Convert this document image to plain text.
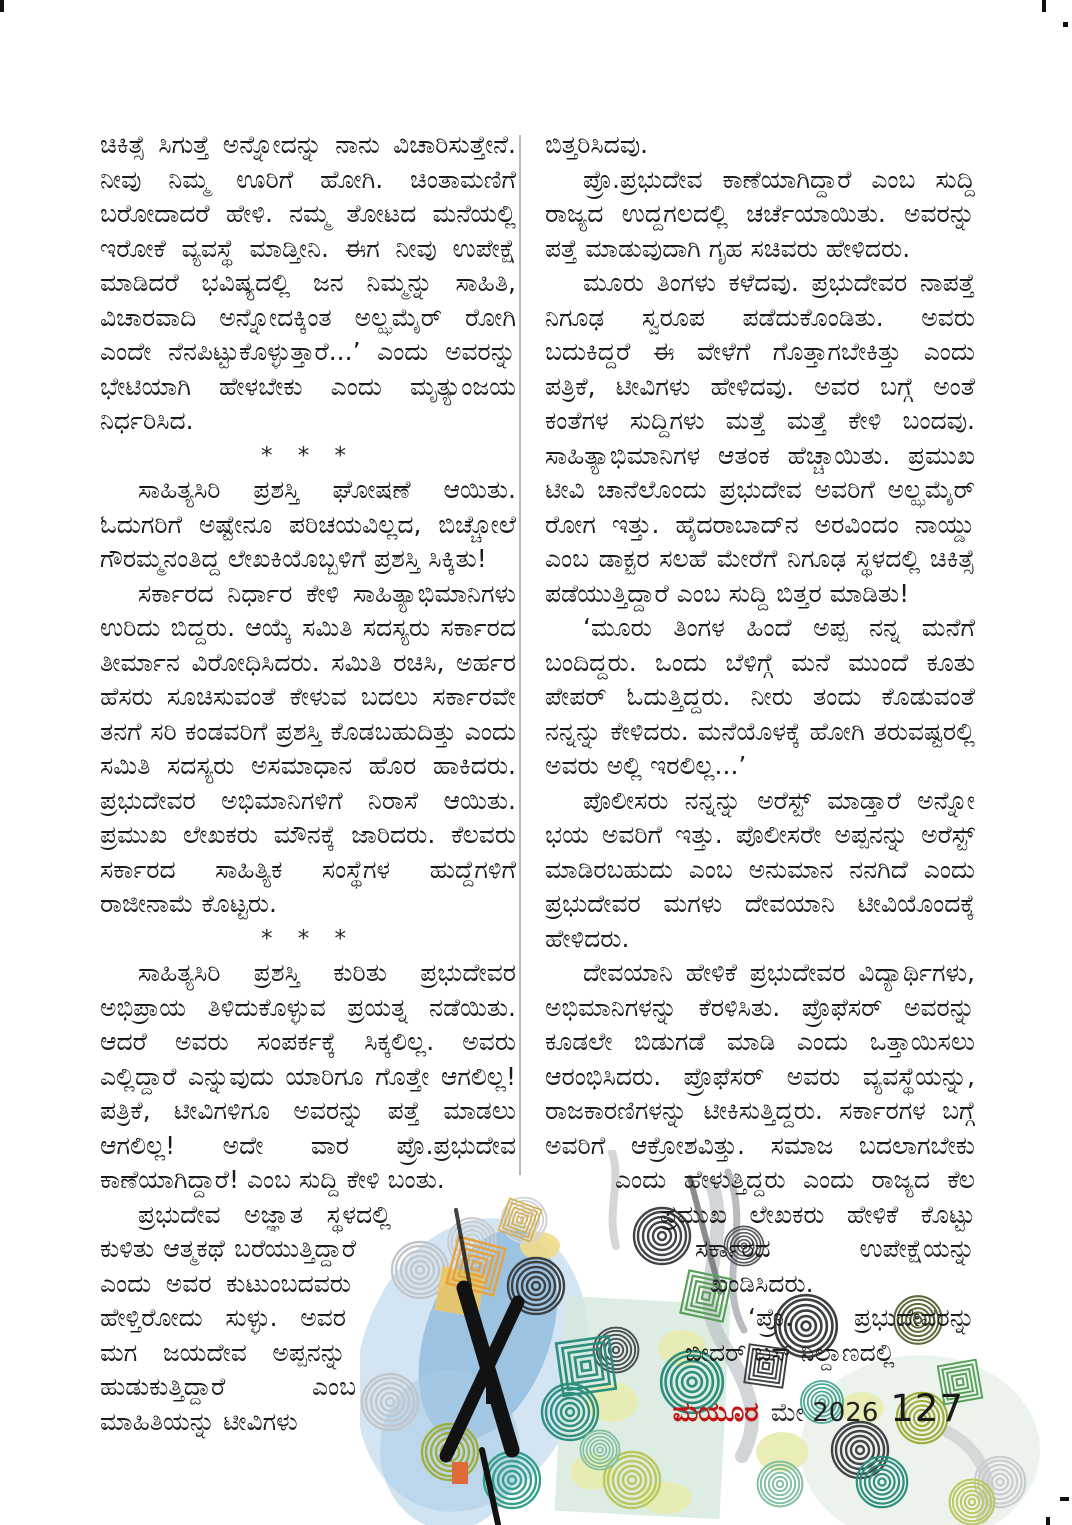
ಚಿಕಿತ್ಸೆ ಸಿಗುತ್ತೆ ಅನ್ನೋದನ್ನು ನಾನು ವಿಚಾರಿಸುತ್ತೇನೆ. ನೀವು ನಿಮ್ಮ ಊರಿಗೆ ಹೋಗಿ. ಚಿಂತಾಮಣಿಗೆ ಬರೋದಾದರೆ ಹೇಳಿ. ನಮ್ಮ ತೋಟದ ಮನೆಯಲ್ಲಿ ಇರೋಕೆ ವ್ಯವಸ್ಥೆ ಮಾಡ್ತೀನಿ. ಈಗ ನೀವು ಉಪೇಕ್ಷೆ ಮಾಡಿದರೆ ಭವಿಷ್ಯದಲ್ಲಿ ಜನ ನಿಮ್ಮನ್ನು ಸಾಹಿತಿ, ವಿಚಾರವಾದಿ ಅನ್ನೋದಕ್ಕಿಂತ ಅಲ್ಝಮೈರ್ ರೋಗಿ ಎಂದೇ ನೆನಪಿಟ್ಟುಕೊಳ್ಳುತ್ತಾರೆ...’ ಎಂದು ಅವರನ್ನು ಭೇಟಿಯಾಗಿ ಹೇಳಬೇಕು ಎಂದು ಮೃತ್ಯುಂಜಯ ನಿರ್ಧರಿಸಿದ.

* * *

ಸಾಹಿತ್ಯಸಿರಿ ಪ್ರಶಸ್ತಿ ಘೋಷಣೆ ಆಯಿತು. ಓದುಗರಿಗೆ ಅಷ್ಟೇನೂ ಪರಿಚಯವಿಲ್ಲದ, ಬಿಚ್ಚೋಲೆ ಗೌರಮ್ಮನಂತಿದ್ದ ಲೇಖಕಿಯೊಬ್ಬಳಿಗೆ ಪ್ರಶಸ್ತಿ ಸಿಕ್ಕಿತು!

ಸರ್ಕಾರದ ನಿರ್ಧಾರ ಕೇಳಿ ಸಾಹಿತ್ಯಾಭಿಮಾನಿಗಳು ಉರಿದು ಬಿದ್ದರು. ಆಯ್ಕೆ ಸಮಿತಿ ಸದಸ್ಯರು ಸರ್ಕಾರದ ತೀರ್ಮಾನ ವಿರೋಧಿಸಿದರು. ಸಮಿತಿ ರಚಿಸಿ, ಅರ್ಹರ ಹೆಸರು ಸೂಚಿಸುವಂತೆ ಕೇಳುವ ಬದಲು ಸರ್ಕಾರವೇ ತನಗೆ ಸರಿ ಕಂಡವರಿಗೆ ಪ್ರಶಸ್ತಿ ಕೊಡಬಹುದಿತ್ತು ಎಂದು ಸಮಿತಿ ಸದಸ್ಯರು ಅಸಮಾಧಾನ ಹೊರ ಹಾಕಿದರು. ಪ್ರಭುದೇವರ ಅಭಿಮಾನಿಗಳಿಗೆ ನಿರಾಸೆ ಆಯಿತು. ಪ್ರಮುಖ ಲೇಖಕರು ಮೌನಕ್ಕೆ ಜಾರಿದರು. ಕೆಲವರು ಸರ್ಕಾರದ ಸಾಹಿತ್ಯಿಕ ಸಂಸ್ಥೆಗಳ ಹುದ್ದೆಗಳಿಗೆ ರಾಜೀನಾಮೆ ಕೊಟ್ಟರು.

* * *

ಸಾಹಿತ್ಯಸಿರಿ ಪ್ರಶಸ್ತಿ ಕುರಿತು ಪ್ರಭುದೇವರ ಅಭಿಪ್ರಾಯ ತಿಳಿದುಕೊಳ್ಳುವ ಪ್ರಯತ್ನ ನಡೆಯಿತು. ಆದರೆ ಅವರು ಸಂಪರ್ಕಕ್ಕೆ ಸಿಕ್ಕಲಿಲ್ಲ. ಅವರು ಎಲ್ಲಿದ್ದಾರೆ ಎನ್ನುವುದು ಯಾರಿಗೂ ಗೊತ್ತೇ ಆಗಲಿಲ್ಲ! ಪತ್ರಿಕೆ, ಟೀವಿಗಳಿಗೂ ಅವರನ್ನು ಪತ್ತೆ ಮಾಡಲು ಆಗಲಿಲ್ಲ! ಅದೇ ವಾರ ಪ್ರೊ.ಪ್ರಭುದೇವ ಕಾಣೆಯಾಗಿದ್ದಾರೆ! ಎಂಬ ಸುದ್ದಿ ಕೇಳಿ ಬಂತು.

ಪ್ರಭುದೇವ ಅಜ್ಞಾತ ಸ್ಥಳದಲ್ಲಿ ಕುಳಿತು ಆತ್ಮಕಥೆ ಬರೆಯುತ್ತಿದ್ದಾರೆ ಎಂದು ಅವರ ಕುಟುಂಬದವರು ಹೇಳ್ತಿರೋದು ಸುಳ್ಳು. ಅವರ ಮಗ ಜಯದೇವ ಅಪ್ಪನನ್ನು ಹುಡುಕುತ್ತಿದ್ದಾರೆ ಎಂಬ ಮಾಹಿತಿಯನ್ನು ಟೀವಿಗಳು

ಬಿತ್ತರಿಸಿದವು.

ಪ್ರೊ.ಪ್ರಭುದೇವ ಕಾಣೆಯಾಗಿದ್ದಾರೆ ಎಂಬ ಸುದ್ದಿ ರಾಜ್ಯದ ಉದ್ದಗಲದಲ್ಲಿ ಚರ್ಚೆಯಾಯಿತು. ಅವರನ್ನು ಪತ್ತೆ ಮಾಡುವುದಾಗಿ ಗೃಹ ಸಚಿವರು ಹೇಳಿದರು.

ಮೂರು ತಿಂಗಳು ಕಳೆದವು. ಪ್ರಭುದೇವರ ನಾಪತ್ತೆ ನಿಗೂಢ ಸ್ವರೂಪ ಪಡೆದುಕೊಂಡಿತು. ಅವರು ಬದುಕಿದ್ದರೆ ಈ ವೇಳೆಗೆ ಗೊತ್ತಾಗಬೇಕಿತ್ತು ಎಂದು ಪತ್ರಿಕೆ, ಟೀವಿಗಳು ಹೇಳಿದವು. ಅವರ ಬಗ್ಗೆ ಅಂತೆ ಕಂತೆಗಳ ಸುದ್ದಿಗಳು ಮತ್ತೆ ಮತ್ತೆ ಕೇಳಿ ಬಂದವು. ಸಾಹಿತ್ಯಾಭಿಮಾನಿಗಳ ಆತಂಕ ಹೆಚ್ಚಾಯಿತು. ಪ್ರಮುಖ ಟೀವಿ ಚಾನೆಲೊಂದು ಪ್ರಭುದೇವ ಅವರಿಗೆ ಅಲ್ಝಮೈರ್ ರೋಗ ಇತ್ತು. ಹೈದರಾಬಾದ್‌ನ ಅರವಿಂದಂ ನಾಯ್ಡು ಎಂಬ ಡಾಕ್ಟರ ಸಲಹೆ ಮೇರೆಗೆ ನಿಗೂಢ ಸ್ಥಳದಲ್ಲಿ ಚಿಕಿತ್ಸೆ ಪಡೆಯುತ್ತಿದ್ದಾರೆ ಎಂಬ ಸುದ್ದಿ ಬಿತ್ತರ ಮಾಡಿತು!

‘ಮೂರು ತಿಂಗಳ ಹಿಂದೆ ಅಪ್ಪ ನನ್ನ ಮನೆಗೆ ಬಂದಿದ್ದರು. ಒಂದು ಬೆಳಿಗ್ಗೆ ಮನೆ ಮುಂದೆ ಕೂತು ಪೇಪರ್ ಓದುತ್ತಿದ್ದರು. ನೀರು ತಂದು ಕೊಡುವಂತೆ ನನ್ನನ್ನು ಕೇಳಿದರು. ಮನೆಯೊಳಕ್ಕೆ ಹೋಗಿ ತರುವಷ್ಟರಲ್ಲಿ ಅವರು ಅಲ್ಲಿ ಇರಲಿಲ್ಲ...’

ಪೊಲೀಸರು ನನ್ನನ್ನು ಅರೆಸ್ಟ್ ಮಾಡ್ತಾರೆ ಅನ್ನೋ ಭಯ ಅವರಿಗೆ ಇತ್ತು. ಪೊಲೀಸರೇ ಅಪ್ಪನನ್ನು ಅರೆಸ್ಟ್ ಮಾಡಿರಬಹುದು ಎಂಬ ಅನುಮಾನ ನನಗಿದೆ ಎಂದು ಪ್ರಭುದೇವರ ಮಗಳು ದೇವಯಾನಿ ಟೀವಿಯೊಂದಕ್ಕೆ ಹೇಳಿದರು.

ದೇವಯಾನಿ ಹೇಳಿಕೆ ಪ್ರಭುದೇವರ ವಿದ್ಯಾರ್ಥಿಗಳು, ಅಭಿಮಾನಿಗಳನ್ನು ಕೆರಳಿಸಿತು. ಪ್ರೊಫೆಸರ್ ಅವರನ್ನು ಕೂಡಲೇ ಬಿಡುಗಡೆ ಮಾಡಿ ಎಂದು ಒತ್ತಾಯಿಸಲು ಆರಂಭಿಸಿದರು. ಪ್ರೊಫೆಸರ್ ಅವರು ವ್ಯವಸ್ಥೆಯನ್ನು, ರಾಜಕಾರಣಿಗಳನ್ನು ಟೀಕಿಸುತ್ತಿದ್ದರು. ಸರ್ಕಾರಗಳ ಬಗ್ಗೆ ಅವರಿಗೆ ಆಕ್ರೋಶವಿತ್ತು. ಸಮಾಜ ಬದಲಾಗಬೇಕು ಎಂದು ಹೇಳುತ್ತಿದ್ದರು ಎಂದು ರಾಜ್ಯದ ಕೆಲ ಪ್ರಮುಖ ಲೇಖಕರು ಹೇಳಿಕೆ ಕೊಟ್ಟು ಸರ್ಕಾರದ ಉಪೇಕ್ಷೆಯನ್ನು ಖಂಡಿಸಿದರು.

‘ಪ್ರೊ. ಪ್ರಭುದೇವರನ್ನು ಬೀದರ್ ಬಸ್ ನಿಲ್ದಾಣದಲ್ಲಿ

ಮಯೂರ ಮೇ 2026 127
